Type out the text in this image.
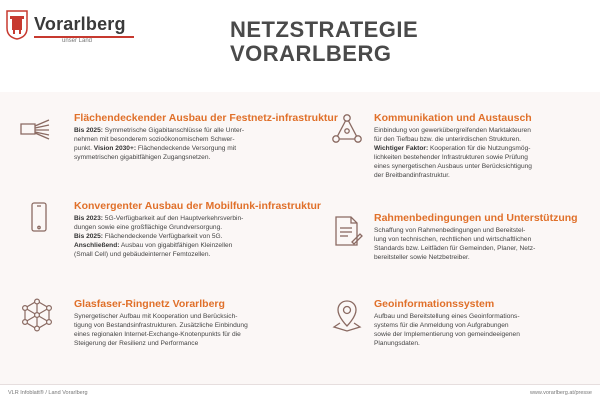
Vorarlberg
unser Land	NETZSTRATEGIE
VORARLBERG
Flächendeckender Ausbau der Festnetz-infrastruktur
Bis 2025: Symmetrische Gigabitanschlüsse für alle Unter-
nehmen mit besonderem sozioökonomischem Schwer-
punkt. Vision 2030+: Flächendeckende Versorgung mit
symmetrischen gigabitfähigen Zugangsnetzen.
Konvergenter Ausbau der Mobilfunk-infrastruktur
Bis 2023: 5G-Verfügbarkeit auf den Hauptverkehrsverbin-
dungen sowie eine großflächige Grundversorgung.
Bis 2025: Flächendeckende Verfügbarkeit von 5G.
Anschließend: Ausbau von gigabitfähigen Kleinzellen
(Small Cell) und gebäudeinterner Femtozellen.
Glasfaser-Ringnetz Vorarlberg
Synergetischer Aufbau mit Kooperation und Berücksich-
tigung von Bestandsinfrastrukturen. Zusätzliche Einbindung
eines regionalen Internet-Exchange-Knotenpunkts für die
Steigerung der Resilienz und Performance
Kommunikation und Austausch
Einbindung von gewerkübergreifenden Marktakteuren
für den Tiefbau bzw. die unterirdischen Strukturen.
Wichtiger Faktor: Kooperation für die Nutzungsmög-
lichkeiten bestehender Infrastrukturen sowie Prüfung
eines synergetischen Ausbaus unter Berücksichtigung
der Breitbandinfrastruktur.
Rahmenbedingungen und Unterstützung
Schaffung von Rahmenbedingungen und Bereitstel-
lung von technischen, rechtlichen und wirtschaftlichen
Standards bzw. Leitfäden für Gemeinden, Planer, Netz-
bereitsteller sowie Netzbetreiber.
Geoinformationssystem
Aufbau und Bereitstellung eines Geoinformations-
systems für die Anmeldung von Aufgrabungen
sowie der Implementierung von gemeindeeigenen
Planungsdaten.
VLR Infoblatt® / Land Vorarlberg	www.vorarlberg.at/presse
